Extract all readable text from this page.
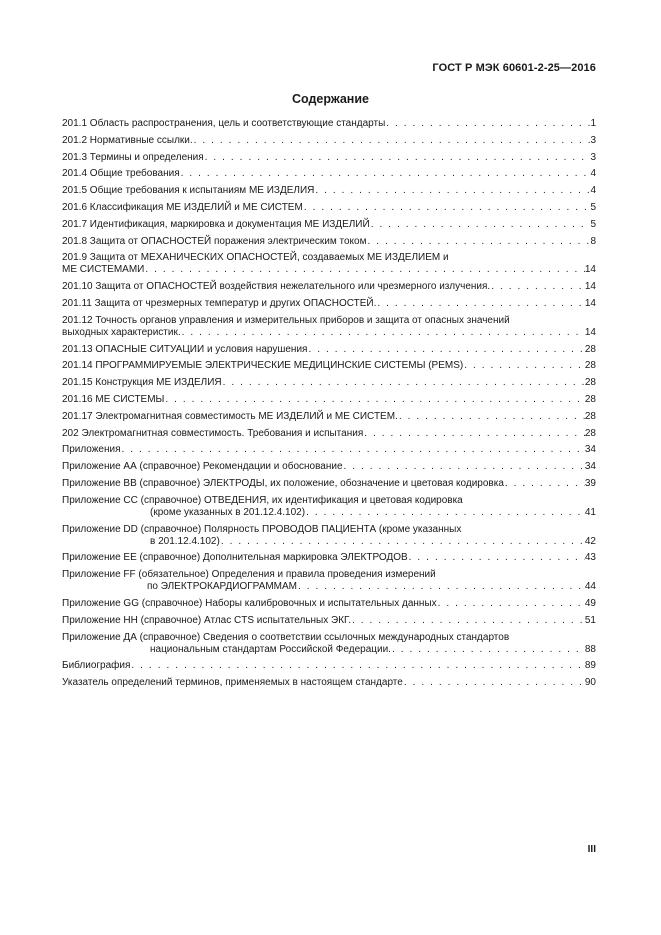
ГОСТ Р МЭК 60601-2-25—2016
Содержание
201.1 Область распространения, цель и соответствующие стандарты . . .	1
201.2 Нормативные ссылки. . . .	3
201.3 Термины и определения . . .	3
201.4 Общие требования . . .	4
201.5 Общие требования к испытаниям МЕ ИЗДЕЛИЯ . . .	4
201.6 Классификация МЕ ИЗДЕЛИЙ и МЕ СИСТЕМ . . .	5
201.7 Идентификация, маркировка и документация МЕ ИЗДЕЛИЙ . . .	5
201.8 Защита от ОПАСНОСТЕЙ поражения электрическим током . . .	8
201.9 Защита от МЕХАНИЧЕСКИХ ОПАСНОСТЕЙ, создаваемых МЕ ИЗДЕЛИЕМ и
МЕ СИСТЕМАМИ . . .	14
201.10 Защита от ОПАСНОСТЕЙ воздействия нежелательного или чрезмерного излучения. . . .	14
201.11 Защита от чрезмерных температур и других ОПАСНОСТЕЙ. . . .	14
201.12 Точность органов управления и измерительных приборов и защита от опасных значений
выходных характеристик. . . .	14
201.13 ОПАСНЫЕ СИТУАЦИИ и условия нарушения . . .	28
201.14 ПРОГРАММИРУЕМЫЕ ЭЛЕКТРИЧЕСКИЕ МЕДИЦИНСКИЕ СИСТЕМЫ (PEMS) . . .	28
201.15 Конструкция МЕ ИЗДЕЛИЯ . . .	28
201.16 МЕ СИСТЕМЫ . . .	28
201.17 Электромагнитная совместимость МЕ ИЗДЕЛИЙ и МЕ СИСТЕМ. . . .	28
202 Электромагнитная совместимость. Требования и испытания . . .	28
Приложения . . .	34
Приложение АА (справочное) Рекомендации и обоснование . . .	34
Приложение ВВ (справочное) ЭЛЕКТРОДЫ, их положение, обозначение и цветовая кодировка . . .	39
Приложение СС (справочное) ОТВЕДЕНИЯ, их идентификация и цветовая кодировка
(кроме указанных в 201.12.4.102) . . .	41
Приложение DD (справочное) Полярность ПРОВОДОВ ПАЦИЕНТА (кроме указанных
в 201.12.4.102) . . .	42
Приложение ЕЕ (справочное) Дополнительная маркировка ЭЛЕКТРОДОВ . . .	43
Приложение FF (обязательное) Определения и правила проведения измерений
по ЭЛЕКТРОКАРДИОГРАММАМ . . .	44
Приложение GG (справочное) Наборы калибровочных и испытательных данных . . .	49
Приложение НН (справочное) Атлас CTS испытательных ЭКГ. . . .	51
Приложение ДА (справочное) Сведения о соответствии ссылочных международных стандартов
национальным стандартам Российской Федерации. . . .	88
Библиография . . .	89
Указатель определений терминов, применяемых в настоящем стандарте . . .	90
III
